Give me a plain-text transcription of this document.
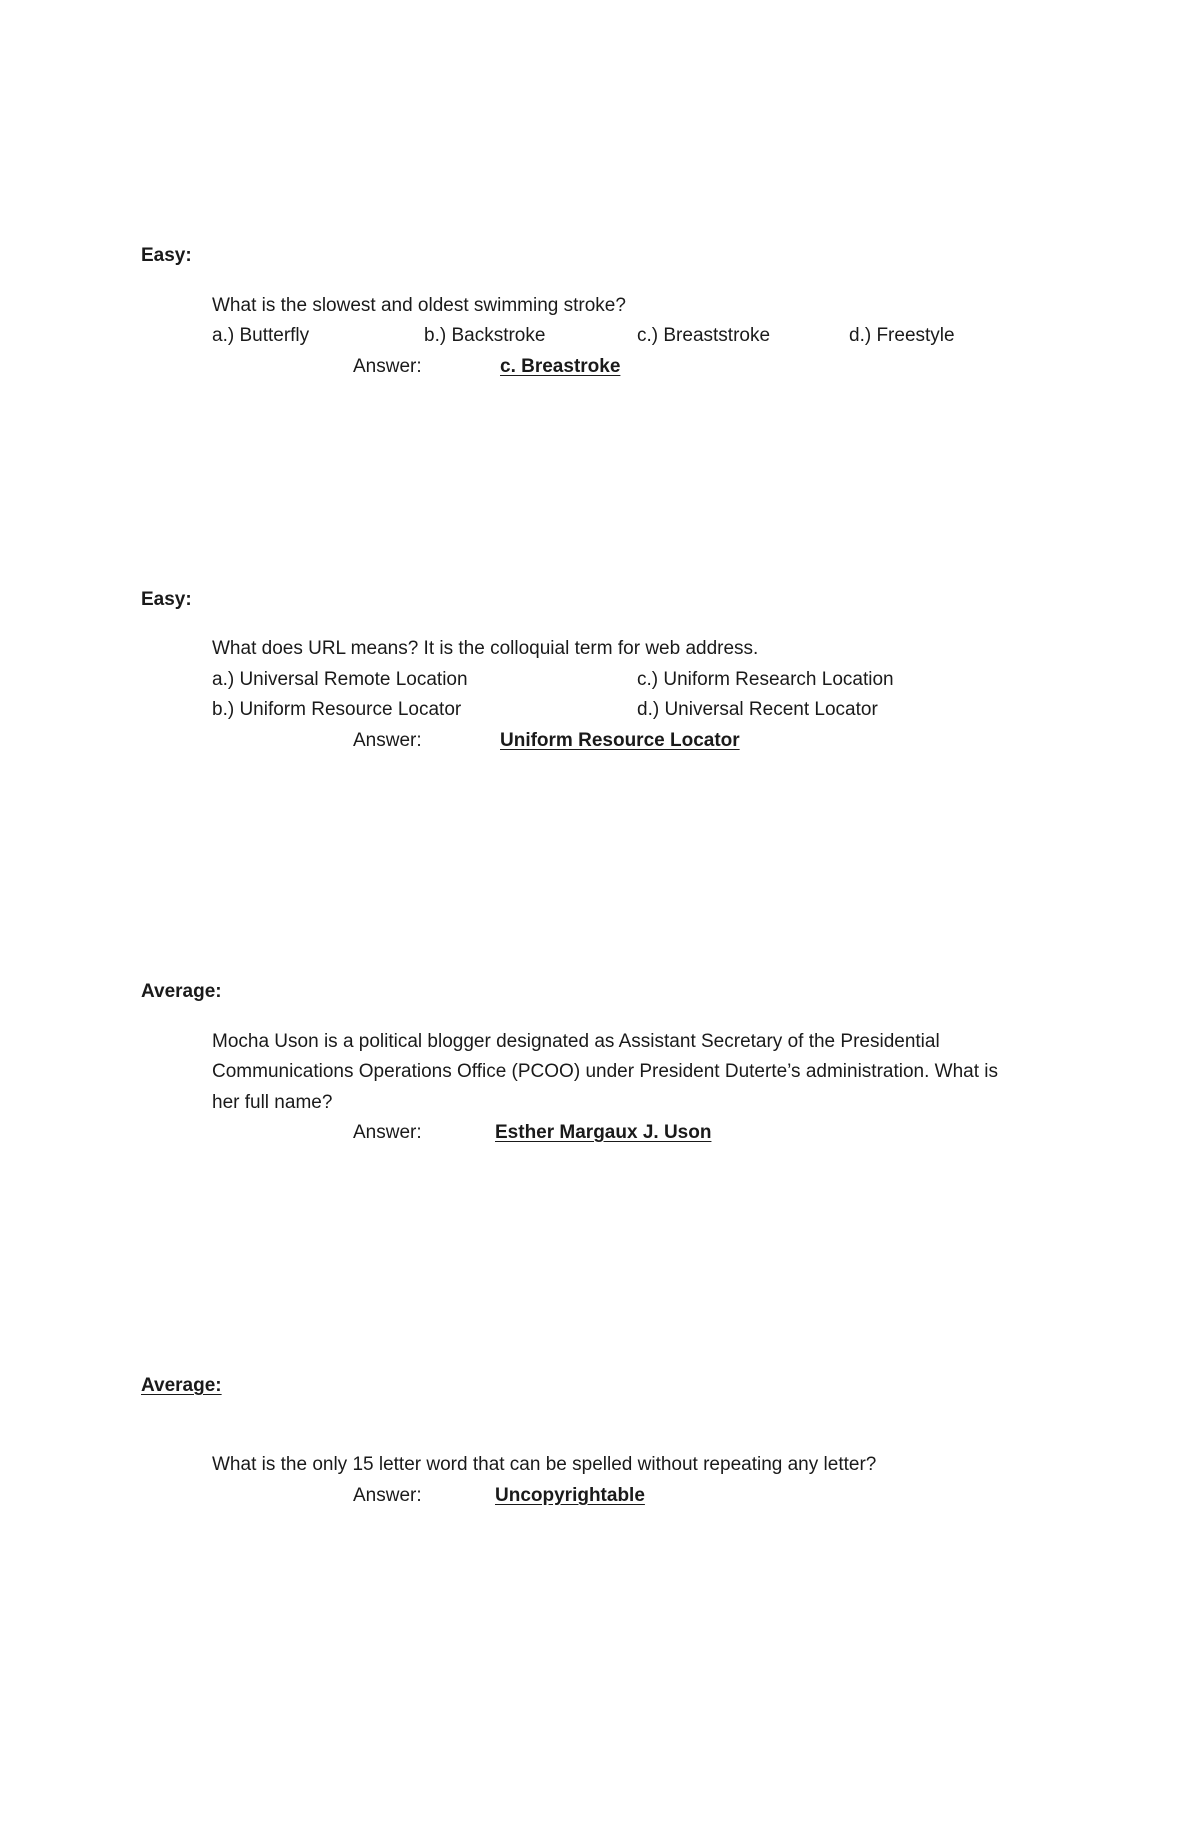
Easy:
What is the slowest and oldest swimming stroke?
a.) Butterfly	b.) Backstroke	c.) Breaststroke	d.) Freestyle
Answer:	c. Breastroke
Easy:
What does URL means? It is the colloquial term for web address.
a.) Universal Remote Location	c.) Uniform Research Location
b.) Uniform Resource Locator	d.) Universal Recent Locator
Answer:	Uniform Resource Locator
Average:
Mocha Uson is a political blogger designated as Assistant Secretary of the Presidential
Communications Operations Office (PCOO) under President Duterte’s administration. What is
her full name?
Answer:	Esther Margaux J. Uson
Average:
What is the only 15 letter word that can be spelled without repeating any letter?
Answer:	Uncopyrightable
